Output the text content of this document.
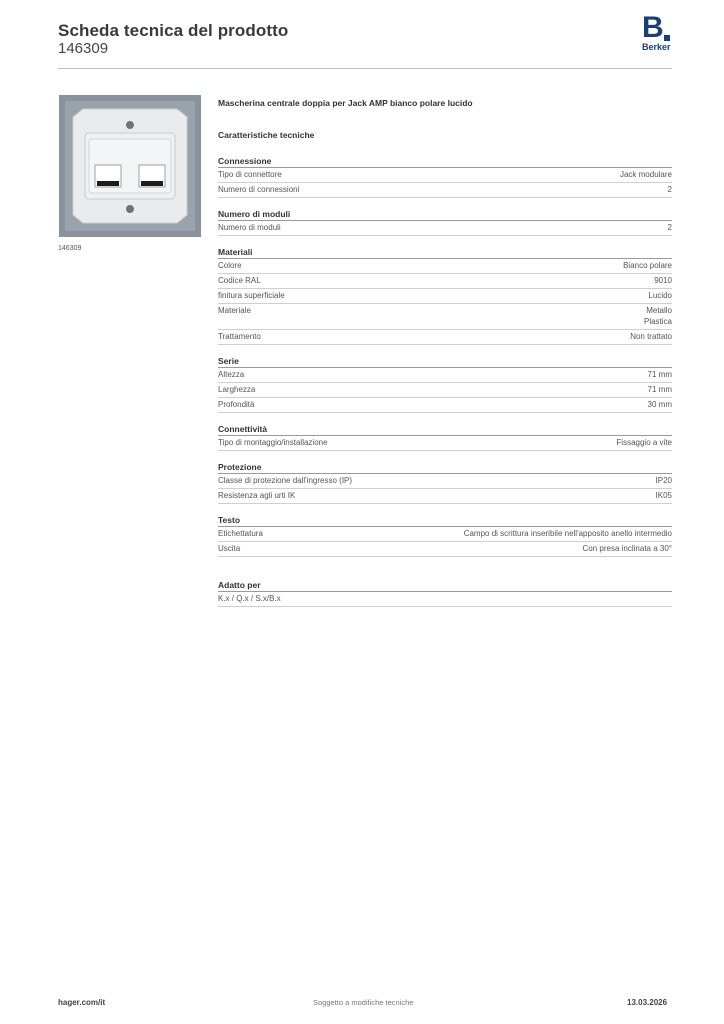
Scheda tecnica del prodotto
146309
B
Berker
146309
Mascherina centrale doppia per Jack AMP bianco polare lucido
Caratteristiche tecniche
Connessione
Tipo di connettore	Jack modulare
Numero di connessioni	2
Numero di moduli
Numero di moduli	2
Materiali
Colore	Bianco polare
Codice RAL	9010
finitura superficiale	Lucido
Materiale	Metallo
Plastica
Trattamento	Non trattato
Serie
Altezza	71 mm
Larghezza	71 mm
Profondità	30 mm
Connettività
Tipo di montaggio/installazione	Fissaggio a vite
Protezione
Classe di protezione dall'ingresso (IP)	IP20
Resistenza agli urti IK	IK05
Testo
Etichettatura	Campo di scrittura inseribile nell'apposito anello intermedio
Uscita	Con presa inclinata a 30°
Adatto per
K.x / Q.x / S.x/B.x
hager.com/it	Soggetto a modifiche tecniche	13.03.2026
